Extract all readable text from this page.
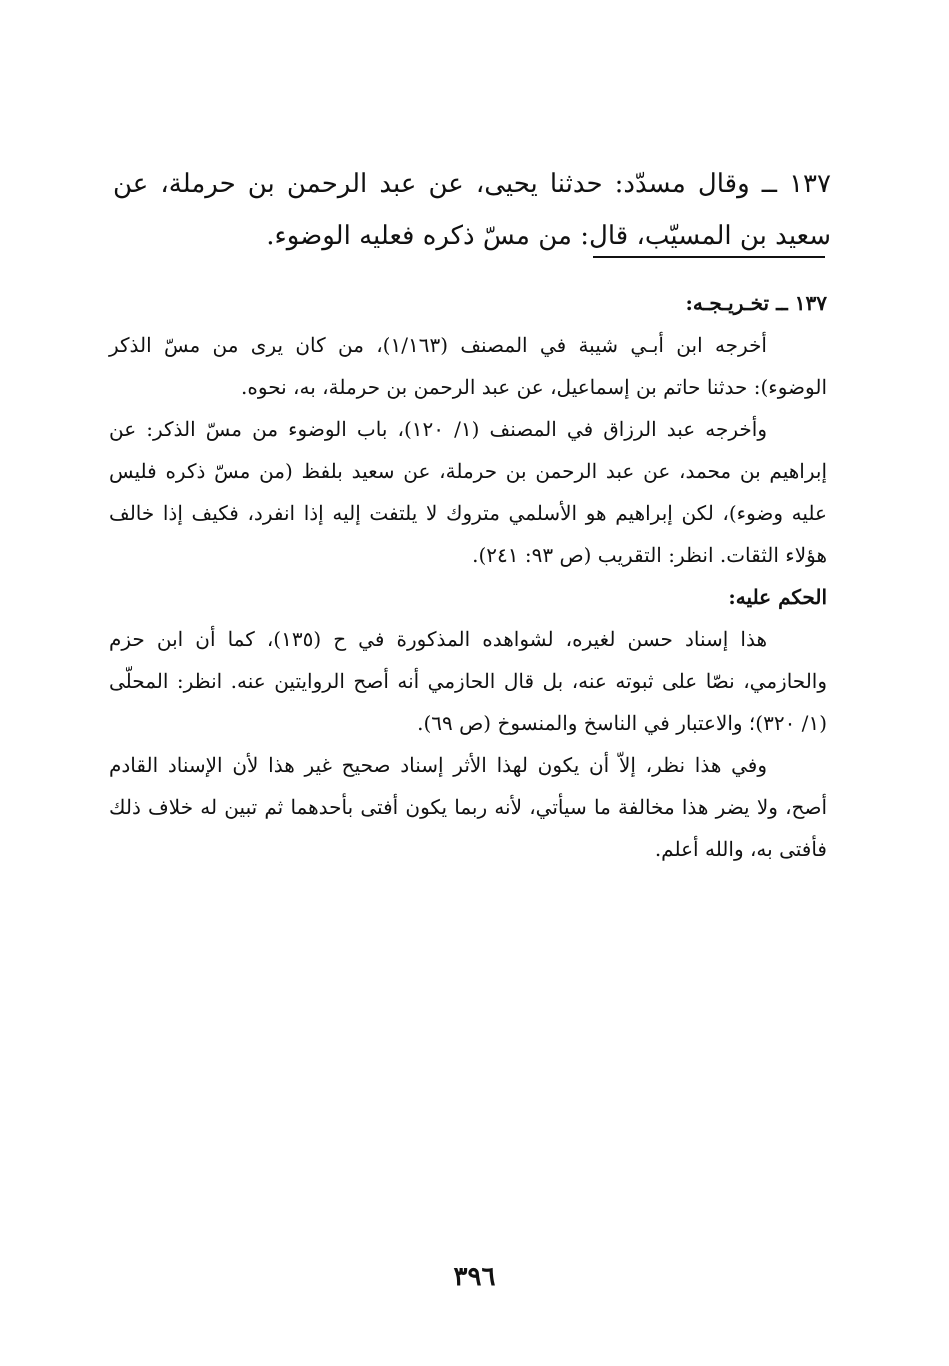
١٣٧ ــ وقال مسدّد: حدثنا يحيى، عن عبد الرحمن بن حرملة، عن سعيد بن المسيّب، قال: من مسّ ذكره فعليه الوضوء.

١٣٧ ــ تخـريـجـه:

أخرجه ابن أبـي شيبة في المصنف (١/١٦٣)، من كان يرى من مسّ الذكر الوضوء): حدثنا حاتم بن إسماعيل، عن عبد الرحمن بن حرملة، به، نحوه.

وأخرجه عبد الرزاق في المصنف (١/ ١٢٠)، باب الوضوء من مسّ الذكر: عن إبراهيم بن محمد، عن عبد الرحمن بن حرملة، عن سعيد بلفظ (من مسّ ذكره فليس عليه وضوء)، لكن إبراهيم هو الأسلمي متروك لا يلتفت إليه إذا انفرد، فكيف إذا خالف هؤلاء الثقات. انظر: التقريب (ص ٩٣: ٢٤١).

الحكم عليه:

هذا إسناد حسن لغيره، لشواهده المذكورة في ح (١٣٥)، كما أن ابن حزم والحازمي، نصّا على ثبوته عنه، بل قال الحازمي أنه أصح الروايتين عنه. انظر: المحلّى (١/ ٣٢٠)؛ والاعتبار في الناسخ والمنسوخ (ص ٦٩).

وفي هذا نظر، إلاّ أن يكون لهذا الأثر إسناد صحيح غير هذا لأن الإسناد القادم أصح، ولا يضر هذا مخالفة ما سيأتي، لأنه ربما يكون أفتى بأحدهما ثم تبين له خلاف ذلك فأفتى به، والله أعلم.

٣٩٦
